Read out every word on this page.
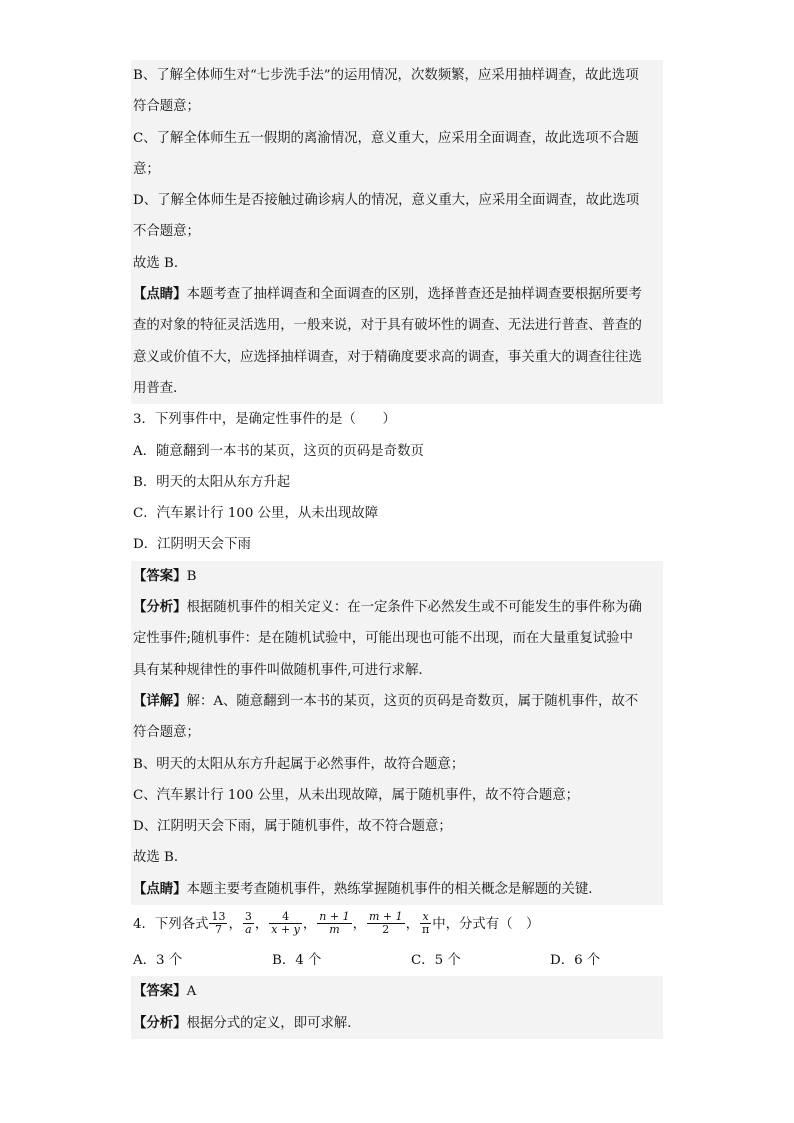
B、了解全体师生对“七步洗手法”的运用情况，次数频繁，应采用抽样调查，故此选项
符合题意；
C、了解全体师生五一假期的离渝情况，意义重大，应采用全面调查，故此选项不合题
意；
D、了解全体师生是否接触过确诊病人的情况，意义重大，应采用全面调查，故此选项
不合题意；
故选 B．
【点睛】本题考查了抽样调查和全面调查的区别，选择普查还是抽样调查要根据所要考
查的对象的特征灵活选用，一般来说，对于具有破坏性的调查、无法进行普查、普查的
意义或价值不大，应选择抽样调查，对于精确度要求高的调查，事关重大的调查往往选
用普查．
3．下列事件中，是确定性事件的是（　　）
A．随意翻到一本书的某页，这页的页码是奇数页
B．明天的太阳从东方升起
C．汽车累计行 100 公里，从未出现故障
D．江阴明天会下雨
【答案】B
【分析】根据随机事件的相关定义：在一定条件下必然发生或不可能发生的事件称为确
定性事件;随机事件：是在随机试验中，可能出现也可能不出现，而在大量重复试验中
具有某种规律性的事件叫做随机事件,可进行求解．
【详解】解：A、随意翻到一本书的某页，这页的页码是奇数页，属于随机事件，故不
符合题意；
B、明天的太阳从东方升起属于必然事件，故符合题意；
C、汽车累计行 100 公里，从未出现故障，属于随机事件，故不符合题意；
D、江阴明天会下雨，属于随机事件，故不符合题意；
故选 B．
【点睛】本题主要考查随机事件，熟练掌握随机事件的相关概念是解题的关键．
4．下列各式 $\frac{13}{7}$ ， $\frac{3}{a}$ ， $\frac{4}{x + y}$ ， $\frac{n + 1}{m}$ ， $\frac{m + 1}{2}$ ， $\frac{x}{\pi}$ 中，分式有（　）
A．3 个	B．4 个	C．5 个	D．6 个
【答案】A
【分析】根据分式的定义，即可求解．
